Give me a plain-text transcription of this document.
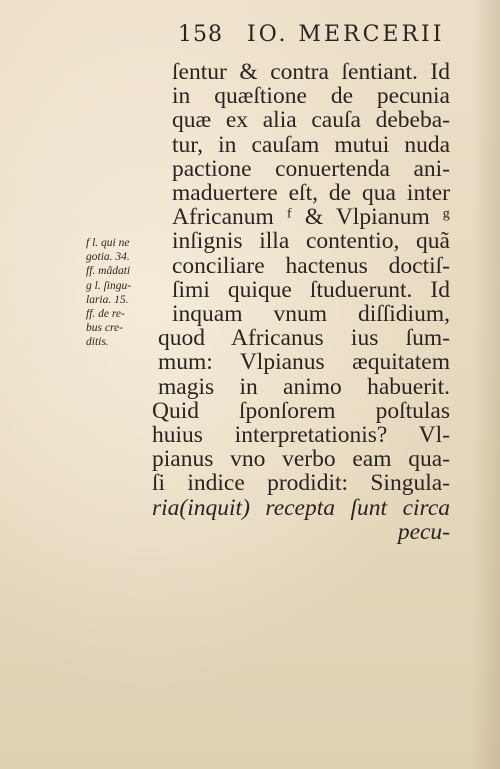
158 IO. MERCERII
f l. qui ne
gotia. 34.
ff. mãdati
g l. ſingu-
laria. 15.
ff. de re-
bus cre-
ditis.
ſentur & contra ſentiant. Id
in quæſtione de pecunia
quæ ex alia cauſa debeba-
tur, in cauſam mutui nuda
pactione conuertenda ani-
maduertere eſt, de qua inter
Africanum ᶠ & Vlpianum ᵍ
inſignis illa contentio, quã
conciliare hactenus doctiſ-
ſimi quique ſtuduerunt. Id
inquam vnum diſſidium,
quod Africanus ius ſum-
mum: Vlpianus æquitatem
magis in animo habuerit.
Quid ſponſorem poſtulas
huius interpretationis? Vl-
pianus vno verbo eam qua-
ſi indice prodidit: Singula-
ria(inquit) recepta ſunt circa
pecu-
